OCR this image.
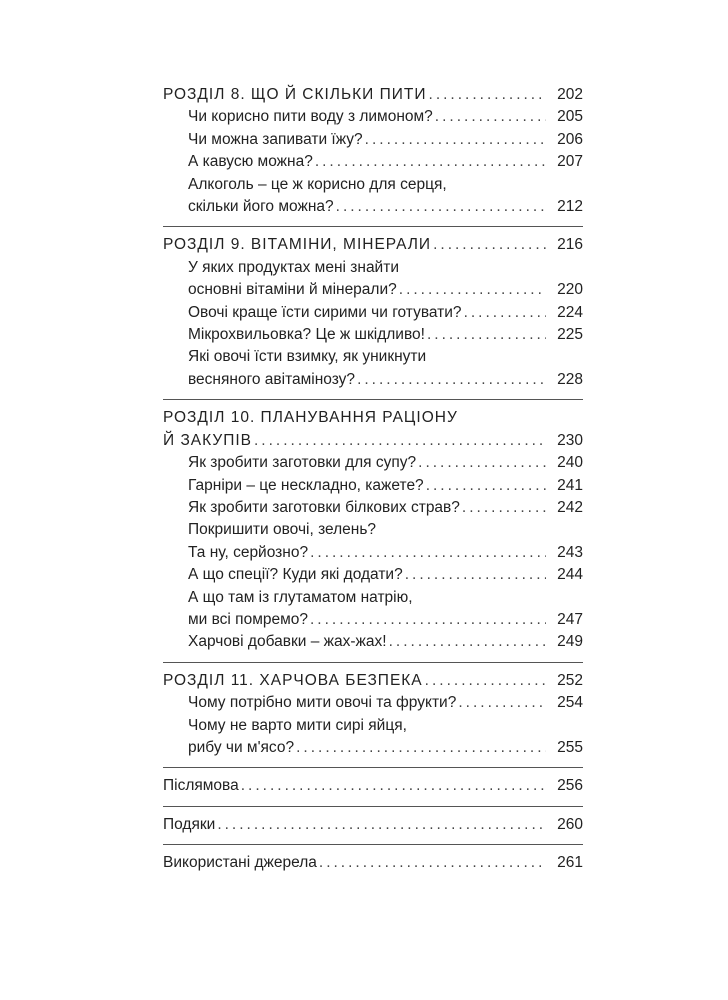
РОЗДІЛ 8. ЩО Й СКІЛЬКИ ПИТИ .....	202
Чи корисно пити воду з лимоном? .....	205
Чи можна запивати їжу? .....	206
А кавусю можна? .....	207
Алкоголь – це ж корисно для серця,
скільки його можна? .....	212
РОЗДІЛ 9. ВІТАМІНИ, МІНЕРАЛИ .....	216
У яких продуктах мені знайти
основні вітаміни й мінерали? .....	220
Овочі краще їсти сирими чи готувати? .....	224
Мікрохвильовка? Це ж шкідливо! .....	225
Які овочі їсти взимку, як уникнути
весняного авітамінозу? .....	228
РОЗДІЛ 10. ПЛАНУВАННЯ РАЦІОНУ
Й ЗАКУПІВ .....	230
Як зробити заготовки для супу? .....	240
Гарніри – це нескладно, кажете? .....	241
Як зробити заготовки білкових страв? .....	242
Покришити овочі, зелень?
Та ну, серйозно? .....	243
А що спеції? Куди які додати? .....	244
А що там із глутаматом натрію,
ми всі помремо? .....	247
Харчові добавки – жах-жах! .....	249
РОЗДІЛ 11. ХАРЧОВА БЕЗПЕКА .....	252
Чому потрібно мити овочі та фрукти? .....	254
Чому не варто мити сирі яйця,
рибу чи м'ясо? .....	255
Післямова .....	256
Подяки .....	260
Використані джерела .....	261
